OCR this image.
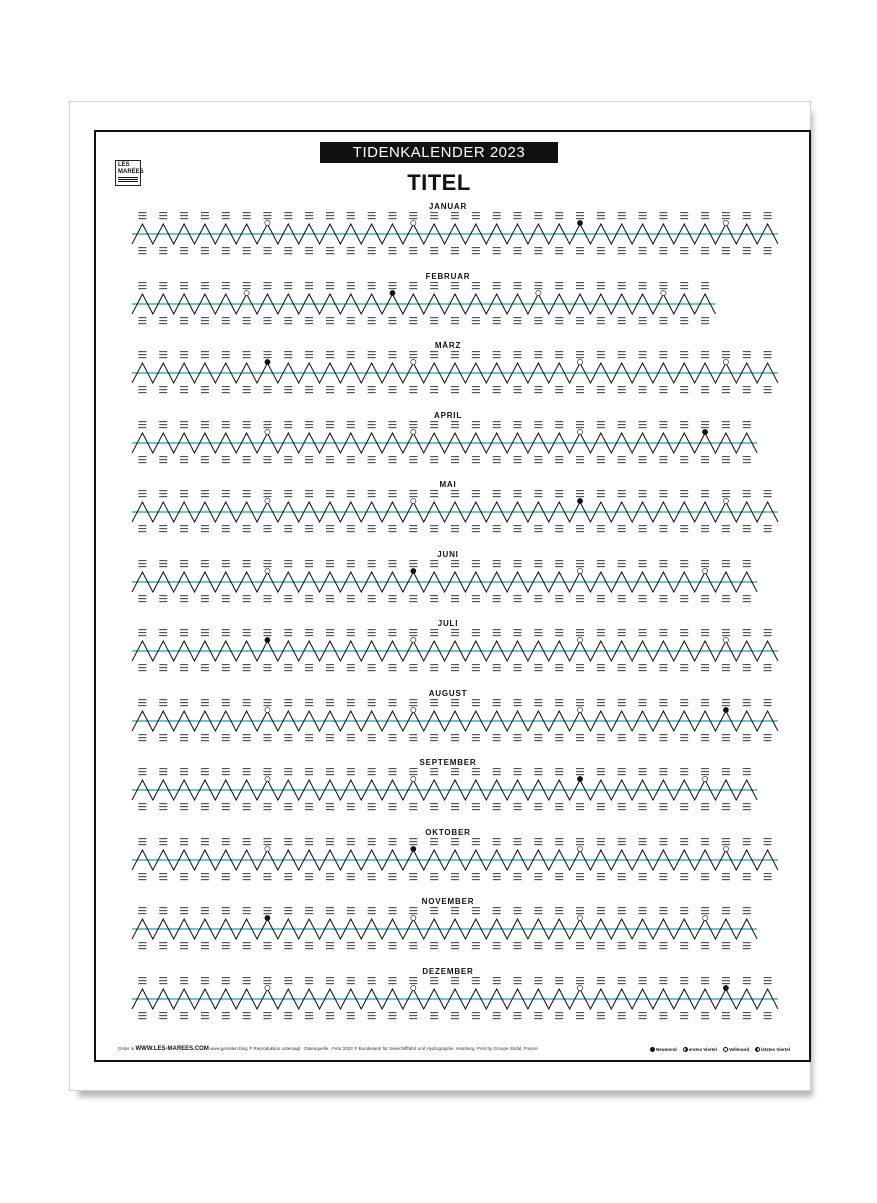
LES MARÉES
TIDENKALENDER 2023
TITEL
JANUAR
FEBRUAR
MÄRZ
APRIL
MAI
JUNI
JULI
AUGUST
SEPTEMBER
OKTOBER
NOVEMBER
DEZEMBER
Order in WWW.LES-MAREES.COM www.gezeiten.blog ® Reproduktion untersagt · Datenquelle · Fehr 2023 ® Bundesamt für Seeschifffahrt und Hydrographie, Hamburg. Print by Groupe Stufal, France	Neumond	erstes Viertel	Vollmond	letztes Viertel
